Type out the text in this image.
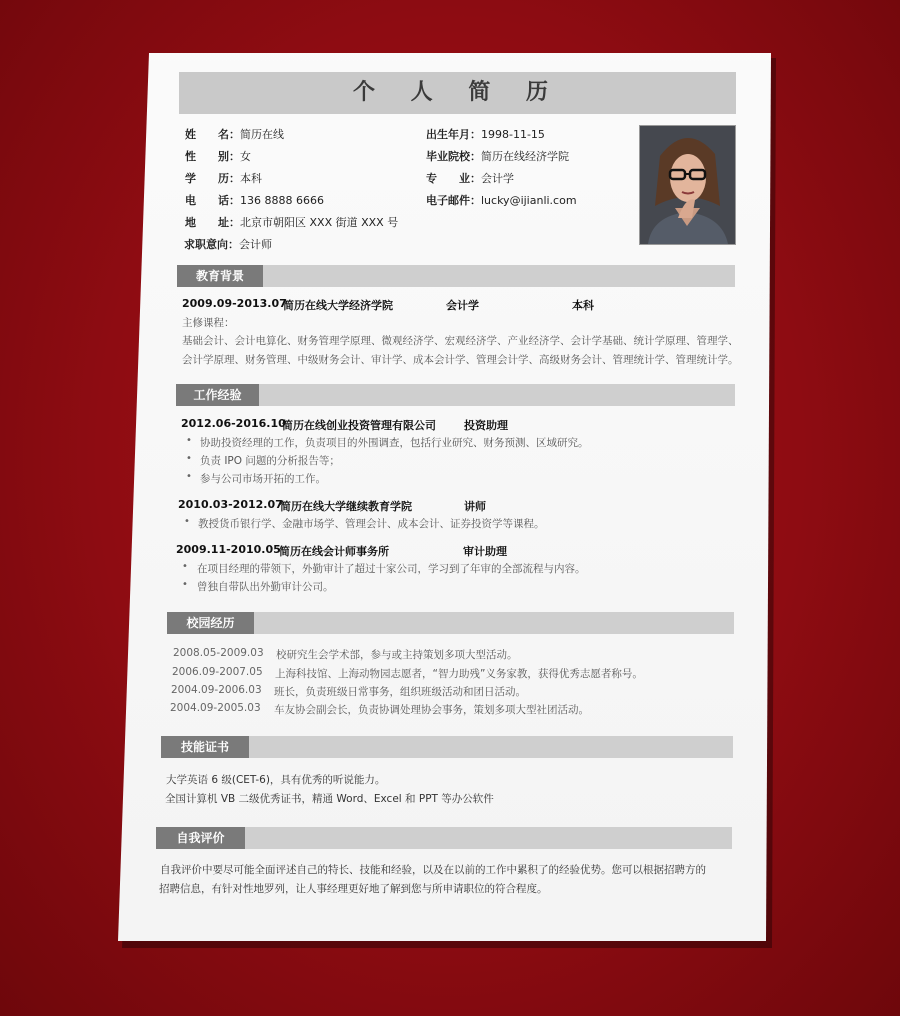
个 人 简 历
姓　　名：简历在线
性　　别：女
学　　历：本科
电　　话：136 8888 6666
地　　址：北京市朝阳区 XXX 街道 XXX 号
求职意向：会计师
出生年月：1998-11-15
毕业院校：简历在线经济学院
专　　业：会计学
电子邮件：lucky@ijianli.com
教育背景
2009.09-2013.07
简历在线大学经济学院	会计学	本科
主修课程：
基础会计、会计电算化、财务管理学原理、微观经济学、宏观经济学、产业经济学、会计学基础、统计学原理、管理学、
会计学原理、财务管理、中级财务会计、审计学、成本会计学、管理会计学、高级财务会计、管理统计学、管理统计学。
工作经验
2012.06-2016.10
简历在线创业投资管理有限公司	投资助理
• 协助投资经理的工作，负责项目的外围调查，包括行业研究、财务预测、区域研究。
• 负责 IPO 问题的分析报告等；
• 参与公司市场开拓的工作。
2010.03-2012.07
简历在线大学继续教育学院	讲师
• 教授货币银行学、金融市场学、管理会计、成本会计、证券投资学等课程。
2009.11-2010.05
简历在线会计师事务所	审计助理
• 在项目经理的带领下，外勤审计了超过十家公司，学习到了年审的全部流程与内容。
• 曾独自带队出外勤审计公司。
校园经历
2008.05-2009.03 校研究生会学术部，参与或主持策划多项大型活动。
2006.09-2007.05 上海科技馆、上海动物园志愿者，“智力助残”义务家教，获得优秀志愿者称号。
2004.09-2006.03 班长，负责班级日常事务，组织班级活动和团日活动。
2004.09-2005.03 车友协会副会长，负责协调处理协会事务，策划多项大型社团活动。
技能证书
大学英语 6 级(CET-6)，具有优秀的听说能力。
全国计算机 VB 二级优秀证书，精通 Word、Excel 和 PPT 等办公软件
自我评价
自我评价中要尽可能全面评述自己的特长、技能和经验，以及在以前的工作中累积了的经验优势。您可以根据招聘方的
招聘信息，有针对性地罗列，让人事经理更好地了解到您与所申请职位的符合程度。
